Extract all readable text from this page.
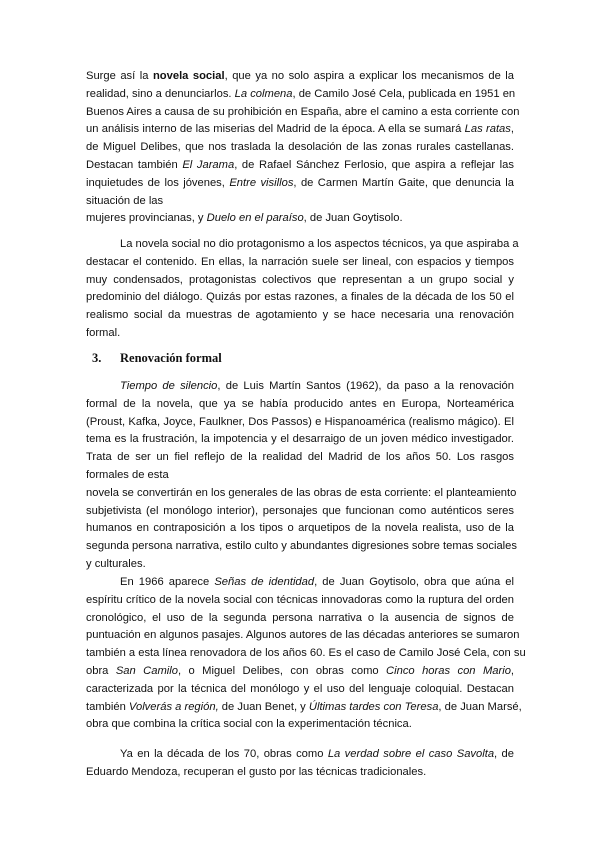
Surge así la novela social, que ya no solo aspira a explicar los mecanismos de la
realidad, sino a denunciarlos. La colmena, de Camilo José Cela, publicada en 1951 en
Buenos Aires a causa de su prohibición en España, abre el camino a esta corriente con
un análisis interno de las miserias del Madrid de la época. A ella se sumará Las ratas,
de Miguel Delibes, que nos traslada la desolación de las zonas rurales castellanas.
Destacan también El Jarama, de Rafael Sánchez Ferlosio, que aspira a reflejar las
inquietudes de los jóvenes, Entre visillos, de Carmen Martín Gaite, que denuncia la
situación de las
mujeres provincianas, y Duelo en el paraíso, de Juan Goytisolo.
La novela social no dio protagonismo a los aspectos técnicos, ya que aspiraba a
destacar el contenido. En ellas, la narración suele ser lineal, con espacios y tiempos
muy condensados, protagonistas colectivos que representan a un grupo social y
predominio del diálogo. Quizás por estas razones, a finales de la década de los 50 el
realismo social da muestras de agotamiento y se hace necesaria una renovación
formal.
3. Renovación formal
Tiempo de silencio, de Luis Martín Santos (1962), da paso a la renovación
formal de la novela, que ya se había producido antes en Europa, Norteamérica
(Proust, Kafka, Joyce, Faulkner, Dos Passos) e Hispanoamérica (realismo mágico). El
tema es la frustración, la impotencia y el desarraigo de un joven médico investigador.
Trata de ser un fiel reflejo de la realidad del Madrid de los años 50. Los rasgos
formales de esta
novela se convertirán en los generales de las obras de esta corriente: el planteamiento
subjetivista (el monólogo interior), personajes que funcionan como auténticos seres
humanos en contraposición a los tipos o arquetipos de la novela realista, uso de la
segunda persona narrativa, estilo culto y abundantes digresiones sobre temas sociales
y culturales.
En 1966 aparece Señas de identidad, de Juan Goytisolo, obra que aúna el
espíritu crítico de la novela social con técnicas innovadoras como la ruptura del orden
cronológico, el uso de la segunda persona narrativa o la ausencia de signos de
puntuación en algunos pasajes. Algunos autores de las décadas anteriores se sumaron
también a esta línea renovadora de los años 60. Es el caso de Camilo José Cela, con su
obra San Camilo, o Miguel Delibes, con obras como Cinco horas con Mario,
caracterizada por la técnica del monólogo y el uso del lenguaje coloquial. Destacan
también Volverás a región, de Juan Benet, y Últimas tardes con Teresa, de Juan Marsé,
obra que combina la crítica social con la experimentación técnica.
Ya en la década de los 70, obras como La verdad sobre el caso Savolta, de
Eduardo Mendoza, recuperan el gusto por las técnicas tradicionales.
